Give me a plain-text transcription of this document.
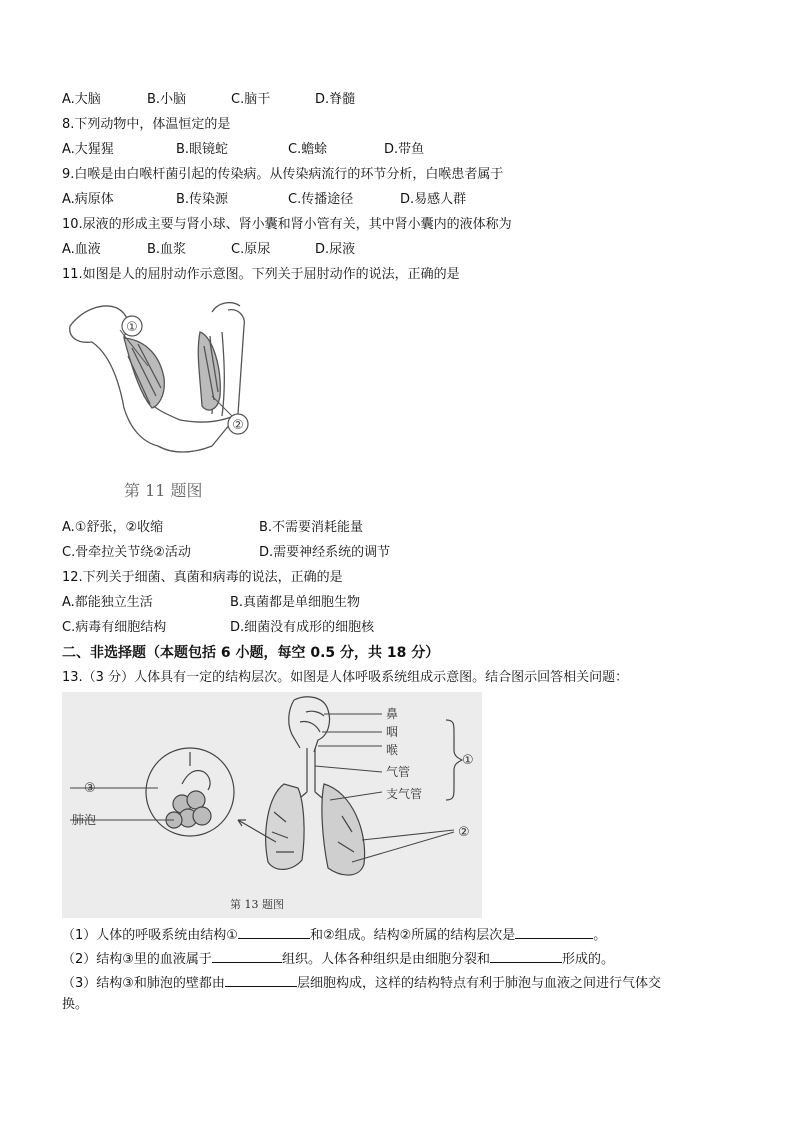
A.大脑	B.小脑	C.脑干	D.脊髓
8.下列动物中，体温恒定的是
A.大猩猩	B.眼镜蛇	C.蟾蜍	D.带鱼
9.白喉是由白喉杆菌引起的传染病。从传染病流行的环节分析，白喉患者属于
A.病原体	B.传染源	C.传播途径	D.易感人群
10.尿液的形成主要与肾小球、肾小囊和肾小管有关，其中肾小囊内的液体称为
A.血液	B.血浆	C.原尿	D.尿液
11.如图是人的屈肘动作示意图。下列关于屈肘动作的说法，正确的是
①
②
第 11 题图
A.①舒张，②收缩	B.不需要消耗能量
C.骨牵拉关节绕②活动	D.需要神经系统的调节
12.下列关于细菌、真菌和病毒的说法，正确的是
A.都能独立生活	B.真菌都是单细胞生物
C.病毒有细胞结构	D.细菌没有成形的细胞核
二、非选择题（本题包括 6 小题，每空 0.5 分，共 18 分）
13.（3 分）人体具有一定的结构层次。如图是人体呼吸系统组成示意图。结合图示回答相关问题：
鼻
咽
喉
气管
支气管
①
②
③
肺泡
第 13 题图
（1）人体的呼吸系统由结构①	和②组成。结构②所属的结构层次是	。
（2）结构③里的血液属于	组织。人体各种组织是由细胞分裂和	形成的。
（3）结构③和肺泡的壁都由	层细胞构成，这样的结构特点有利于肺泡与血液之间进行气体交
换。
